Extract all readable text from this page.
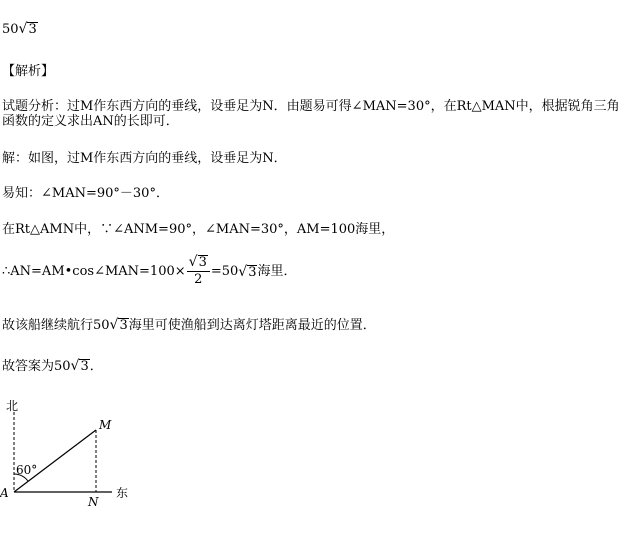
50 √ 3
【解析】
试题分析：过M作东西方向的垂线，设垂足为N．由题易可得∠MAN=30°，在Rt△MAN中，根据锐角三角
函数的定义求出AN的长即可．
解：如图，过M作东西方向的垂线，设垂足为N．
易知：∠MAN=90°－30°．
在Rt△AMN中，∵∠ANM=90°，∠MAN=30°，AM=100海里，
∴AN=AM•cos∠MAN=100× $\frac{√ 3}{2} =50$ √ 3 海里．
故该船继续航行50 √ 3 海里可使渔船到达离灯塔距离最近的位置．
故答案为50 √ 3 ．
北
东
60°
A
M
N
